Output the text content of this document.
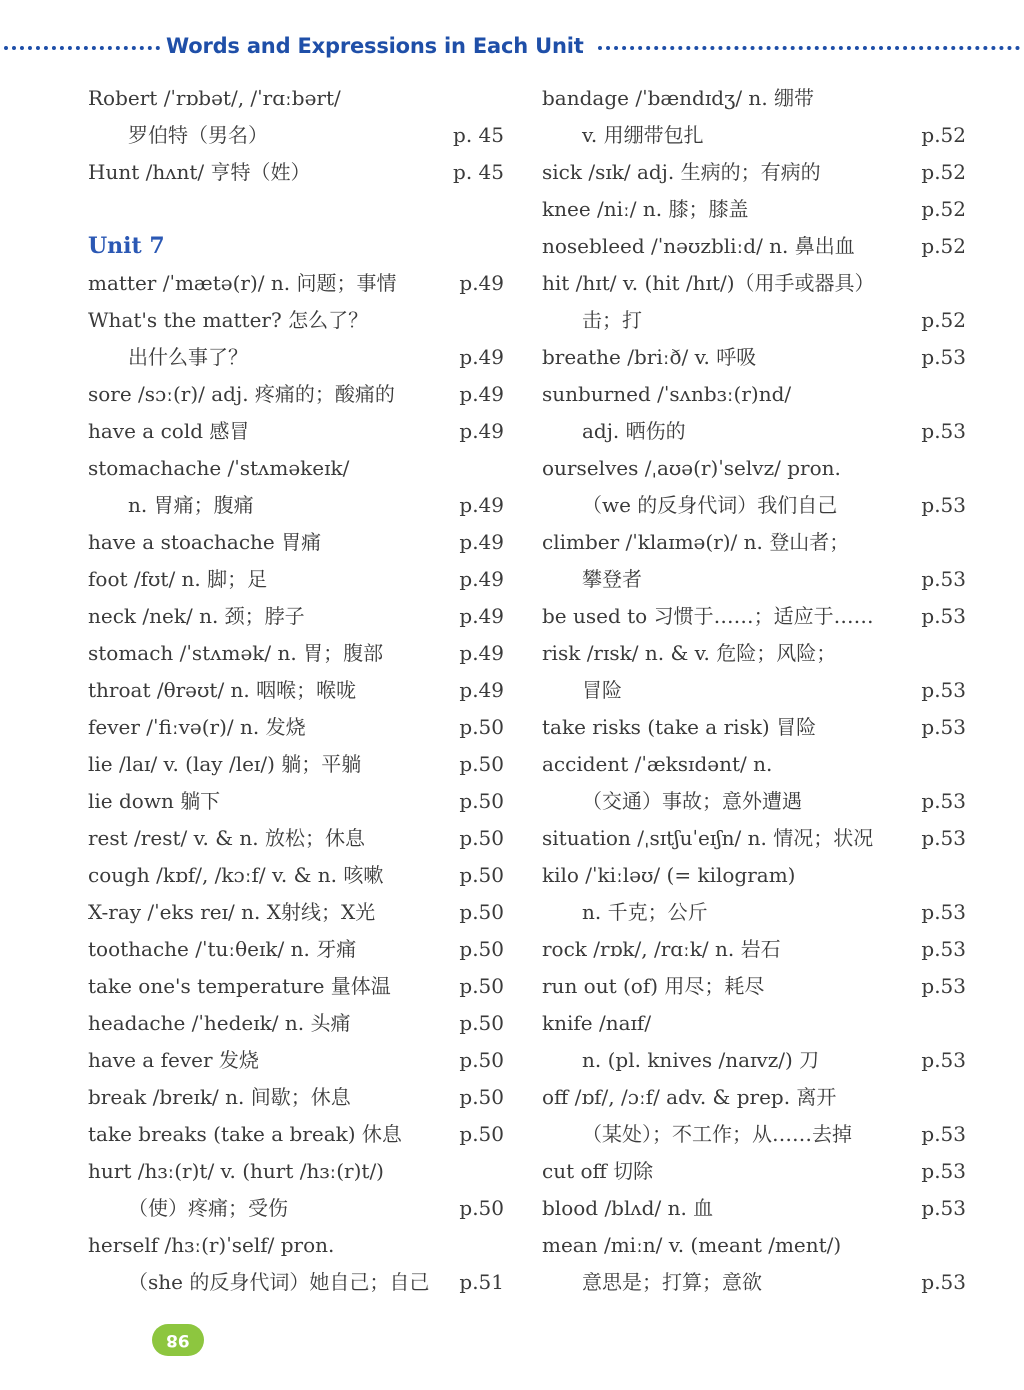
Words and Expressions in Each Unit
Robert /ˈrɒbət/, /ˈrɑːbərt/
罗伯特（男名）	p. 45
Hunt /hʌnt/ 亨特（姓）	p. 45
Unit 7
matter /ˈmætə(r)/ n. 问题；事情	p.49
What's the matter? 怎么了？
出什么事了？	p.49
sore /sɔː(r)/ adj. 疼痛的；酸痛的	p.49
have a cold 感冒	p.49
stomachache /ˈstʌməkeɪk/
n. 胃痛；腹痛	p.49
have a stoachache 胃痛	p.49
foot /fʊt/ n. 脚；足	p.49
neck /nek/ n. 颈；脖子	p.49
stomach /ˈstʌmək/ n. 胃；腹部	p.49
throat /θrəʊt/ n. 咽喉；喉咙	p.49
fever /ˈfiːvə(r)/ n. 发烧	p.50
lie /laɪ/ v. (lay /leɪ/) 躺；平躺	p.50
lie down 躺下	p.50
rest /rest/ v. & n. 放松；休息	p.50
cough /kɒf/, /kɔːf/ v. & n. 咳嗽	p.50
X-ray /ˈeks reɪ/ n. X射线；X光	p.50
toothache /ˈtuːθeɪk/ n. 牙痛	p.50
take one's temperature 量体温	p.50
headache /ˈhedeɪk/ n. 头痛	p.50
have a fever 发烧	p.50
break /breɪk/ n. 间歇；休息	p.50
take breaks (take a break) 休息	p.50
hurt /hɜː(r)t/ v. (hurt /hɜː(r)t/)
（使）疼痛；受伤	p.50
herself /hɜː(r)ˈself/ pron.
（she 的反身代词）她自己；自己 p.51
bandage /ˈbændɪdʒ/ n. 绷带
v. 用绷带包扎	p.52
sick /sɪk/ adj. 生病的；有病的	p.52
knee /niː/ n. 膝；膝盖	p.52
nosebleed /ˈnəʊzbliːd/ n. 鼻出血	p.52
hit /hɪt/ v. (hit /hɪt/)（用手或器具）
击；打	p.52
breathe /briːð/ v. 呼吸	p.53
sunburned /ˈsʌnbɜː(r)nd/
adj. 晒伤的	p.53
ourselves /ˌaʊə(r)ˈselvz/ pron.
（we 的反身代词）我们自己	p.53
climber /ˈklaɪmə(r)/ n. 登山者；
攀登者	p.53
be used to 习惯于……；适应于…… p.53
risk /rɪsk/ n. & v. 危险；风险；
冒险	p.53
take risks (take a risk) 冒险	p.53
accident /ˈæksɪdənt/ n.
（交通）事故；意外遭遇	p.53
situation /ˌsɪtʃuˈeɪʃn/ n. 情况；状况 p.53
kilo /ˈkiːləʊ/ (= kilogram)
n. 千克；公斤	p.53
rock /rɒk/, /rɑːk/ n. 岩石	p.53
run out (of) 用尽；耗尽	p.53
knife /naɪf/
n. (pl. knives /naɪvz/) 刀	p.53
off /ɒf/, /ɔːf/ adv. & prep. 离开
（某处）；不工作；从……去掉	p.53
cut off 切除	p.53
blood /blʌd/ n. 血	p.53
mean /miːn/ v. (meant /ment/)
意思是；打算；意欲	p.53
98
